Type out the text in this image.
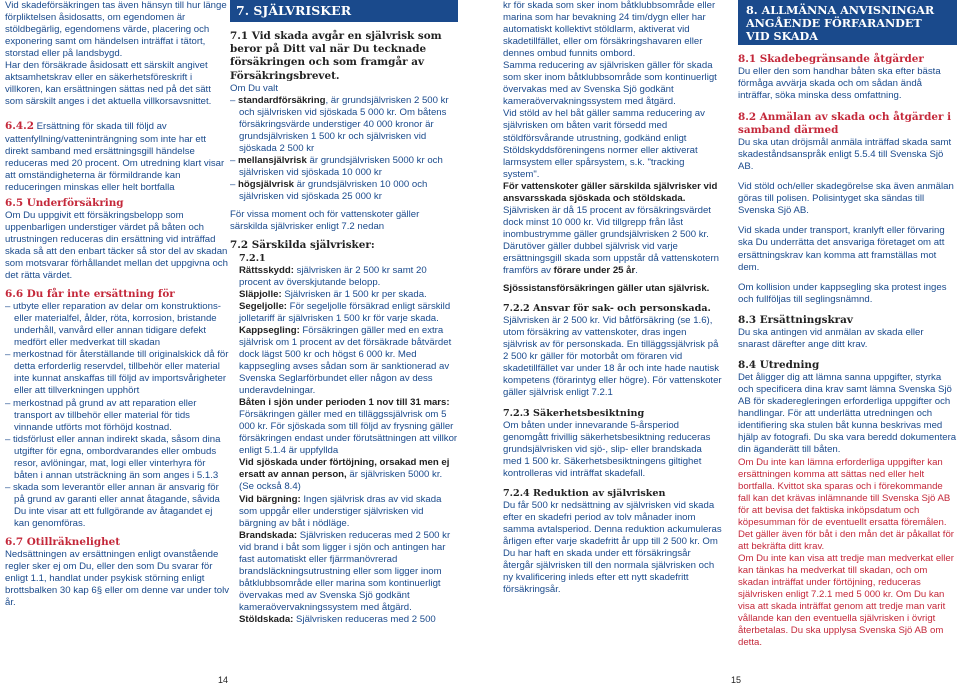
Vid skadeförsäkringen tas även hänsyn till hur länge förpliktelsen åsidosatts, om egendomen är stöldbegärlig, egendomens värde, placering och exponering samt om händelsen inträffat i tätort, storstad eller på landsbygd.

Har den försäkrade åsidosatt ett särskilt angivet aktsamhetskrav eller en säkerhetsföreskrift i villkoren, kan ersättningen sättas ned på det sätt som särskilt anges i det aktuella villkorsavsnittet.

6.4.2 Ersättning för skada till följd av vattenfyllning/vatteninträngning som inte har ett direkt samband med ersättningsgill händelse reduceras med 20 procent. Om utredning klart visar att omständigheterna är förmildrande kan reduceringen minskas eller helt bortfalla

6.5 Underförsäkring

Om Du uppgivit ett försäkringsbelopp som uppenbarligen understiger värdet på båten och utrustningen reduceras din ersättning vid inträffad skada så att den enbart täcker så stor del av skadan som motsvarar förhållandet mellan det uppgivna och det rätta värdet.

6.6 Du får inte ersättning för

– utbyte eller reparation av delar om konstruktions- eller materialfel, ålder, röta, korrosion, bristande underhåll, vanvård eller annan tidigare defekt medfört eller medverkat till skadan

– merkostnad för återställande till originalskick då för detta erforderlig reservdel, tillbehör eller material inte kunnat anskaffas till följd av importsvårigheter eller att tillverkningen upphört

– merkostnad på grund av att reparation eller transport av tillbehör eller material för tids vinnande utförts mot förhöjd kostnad.

– tidsförlust eller annan indirekt skada, såsom dina utgifter för egna, ombordvarandes eller ombuds resor, avlöningar, mat, logi eller vinterhyra för båten i annan utsträckning än som anges i 5.1.3

– skada som leverantör eller annan är ansvarig för på grund av garanti eller annat åtagande, såvida Du inte visar att ett fullgörande av åtagandet ej kan genomföras.

6.7 Otillräknelighet

Nedsättningen av ersättningen enligt ovanstående regler sker ej om Du, eller den som Du svarar för enligt 1.1, handlat under psykisk störning enligt brottsbalken 30 kap 6§ eller om denne var under tolv år.

7. SJÄLVRISKER

7.1 Vid skada avgår en självrisk som beror på Ditt val när Du tecknade försäkringen och som framgår av Försäkringsbrevet.

Om Du valt

– standardförsäkring, är grundsjälvrisken 2 500 kr och självrisken vid sjöskada 5 000 kr. Om båtens försäkringsvärde understiger 40 000 kronor är grundsjälvrisken 1 500 kr och självrisken vid sjöskada 2 500 kr

– mellansjälvrisk är grundsjälvrisken 5000 kr och självrisken vid sjöskada 10 000 kr

– högsjälvrisk är grundsjälvrisken 10 000 och självrisken vid sjöskada 25 000 kr

För vissa moment och för vattenskoter gäller särskilda självrisker enligt 7.2 nedan

7.2 Särskilda självrisker:

7.2.1

Rättsskydd: självrisken är 2 500 kr samt 20 procent av överskjutande belopp.

Släpjolle: Självrisken är 1 500 kr per skada.

Segeljolle: För segeljolle försäkrad enligt särskild jolletariff är självrisken 1 500 kr för varje skada.

Kappsegling: Försäkringen gäller med en extra självrisk om 1 procent av det försäkrade båtvärdet dock lägst 500 kr och högst 6 000 kr. Med kappsegling avses sådan som är sanktionerad av Svenska Seglarförbundet eller någon av dess underavdelningar.

Båten i sjön under perioden 1 nov till 31 mars: Försäkringen gäller med en tilläggssjälvrisk om 5 000 kr. För sjöskada som till följd av frysning gäller försäkringen endast under förutsättningen att villkor enligt 5.1.4 är uppfyllda

Vid sjöskada under förtöjning, orsakad men ej ersatt av annan person, är självrisken 5000 kr. (Se också 8.4)

Vid bärgning: Ingen självrisk dras av vid skada som uppgår eller understiger självrisken vid bärgning av båt i nödläge.

Brandskada: Självrisken reduceras med 2 500 kr vid brand i båt som ligger i sjön och antingen har fast automatiskt eller fjärrmanövrerad brandsläckningsutrustning eller som ligger inom båtklubbsområde eller marina som kontinuerligt övervakas med av Svenska Sjö godkänt kameraövervakningssystem med åtgärd.

Stöldskada: Självrisken reduceras med 2 500

14

kr för skada som sker inom båtklubbsområde eller marina som har bevakning 24 tim/dygn eller har automatiskt kollektivt stöldlarm, aktiverat vid skadetillfället, eller om försäkringshavaren eller dennes ombud funnits ombord.

Samma reducering av självrisken gäller för skada som sker inom båtklubbsområde som kontinuerligt övervakas med av Svenska Sjö godkänt kameraövervakningssystem med åtgärd.

Vid stöld av hel båt gäller samma reducering av självrisken om båten varit försedd med stöldförsvårande utrustning, godkänd enligt Stöldskyddsföreningens normer eller aktiverat larmsystem eller spårsystem, s.k. "tracking system".

För vattenskoter gäller särskilda självrisker vid ansvarsskada sjöskada och stöldskada. Självrisken är då 15 procent av försäkringsvärdet dock minst 10 000 kr. Vid tillgrepp från låst inombustrymme gäller grundsjälvrisken 2 500 kr. Därutöver gäller dubbel självrisk vid varje ersättningsgill skada som uppstår då vattenskotern framförs av förare under 25 år.

Sjössistansförsäkringen gäller utan självrisk.

7.2.2 Ansvar för sak- och personskada.

Självrisken är 2 500 kr. Vid båtförsäkring (se 1.6), utom försäkring av vattenskoter, dras ingen självrisk av för personskada. En tilläggssjälvrisk på 2 500 kr gäller för motorbåt om föraren vid skadetillfället var under 18 år och inte hade nautisk kompetens (förarintyg eller högre). För vattenskoter gäller självrisk enligt 7.2.1

7.2.3 Säkerhetsbesiktning

Om båten under innevarande 5-årsperiod genomgått frivillig säkerhetsbesiktning reduceras grundsjälvrisken vid sjö-, slip- eller brandskada med 1 500 kr. Säkerhetsbesiktningens giltighet kontrolleras vid inträffat skadefall.

7.2.4 Reduktion av självrisken

Du får 500 kr nedsättning av självrisken vid skada efter en skadefri period av tolv månader inom samma avtalsperiod. Denna reduktion ackumuleras årligen efter varje skadefritt år upp till 2 500 kr. Om Du har haft en skada under ett försäkringsår återgår självrisken till den normala självrisken och ny kvalificering inleds efter ett nytt skadefritt försäkringsår.

8. ALLMÄNNA ANVISNINGAR ANGÅENDE FÖRFARANDET VID SKADA

8.1 Skadebegränsande åtgärder

Du eller den som handhar båten ska efter bästa förmåga avvärja skada och om sådan ändå inträffar, söka minska dess omfattning.

8.2 Anmälan av skada och åtgärder i samband därmed

Du ska utan dröjsmål anmäla inträffad skada samt skadeståndsanspråk enligt 5.5.4 till Svenska Sjö AB.

Vid stöld och/eller skadegörelse ska även anmälan göras till polisen. Polisintyget ska sändas till Svenska Sjö AB.

Vid skada under transport, kranlyft eller förvaring ska Du underrätta det ansvariga företaget om att ersättningskrav kan komma att framställas mot dem.

Om kollision under kappsegling ska protest inges och fullföljas till seglingsnämnd.

8.3 Ersättningskrav

Du ska antingen vid anmälan av skada eller snarast därefter ange ditt krav.

8.4 Utredning

Det åligger dig att lämna sanna uppgifter, styrka och specificera dina krav samt lämna Svenska Sjö AB för skaderegleringen erforderliga uppgifter och handlingar. För att underlätta utredningen och identifiering ska stulen båt kunna beskrivas med hjälp av fotografi. Du ska vara beredd dokumentera din äganderätt till båten.

Om Du inte kan lämna erforderliga uppgifter kan ersättningen komma att sättas ned eller helt bortfalla. Kvittot ska sparas och i förekommande fall kan det krävas inlämnande till Svenska Sjö AB för att bevisa det faktiska inköpsdatum och köpesumman för de eventuellt ersatta föremålen. Det gäller även för båt i den mån det är påkallat för att bekräfta ditt krav.

Om Du inte kan visa att tredje man medverkat eller kan tänkas ha medverkat till skadan, och om skadan inträffat under förtöjning, reduceras självrisken enligt 7.2.1 med 5 000 kr. Om Du kan visa att skada inträffat genom att tredje man varit vållande kan den eventuella självrisken i övrigt återbetalas. Du ska upplysa Svenska Sjö AB om detta.

15
